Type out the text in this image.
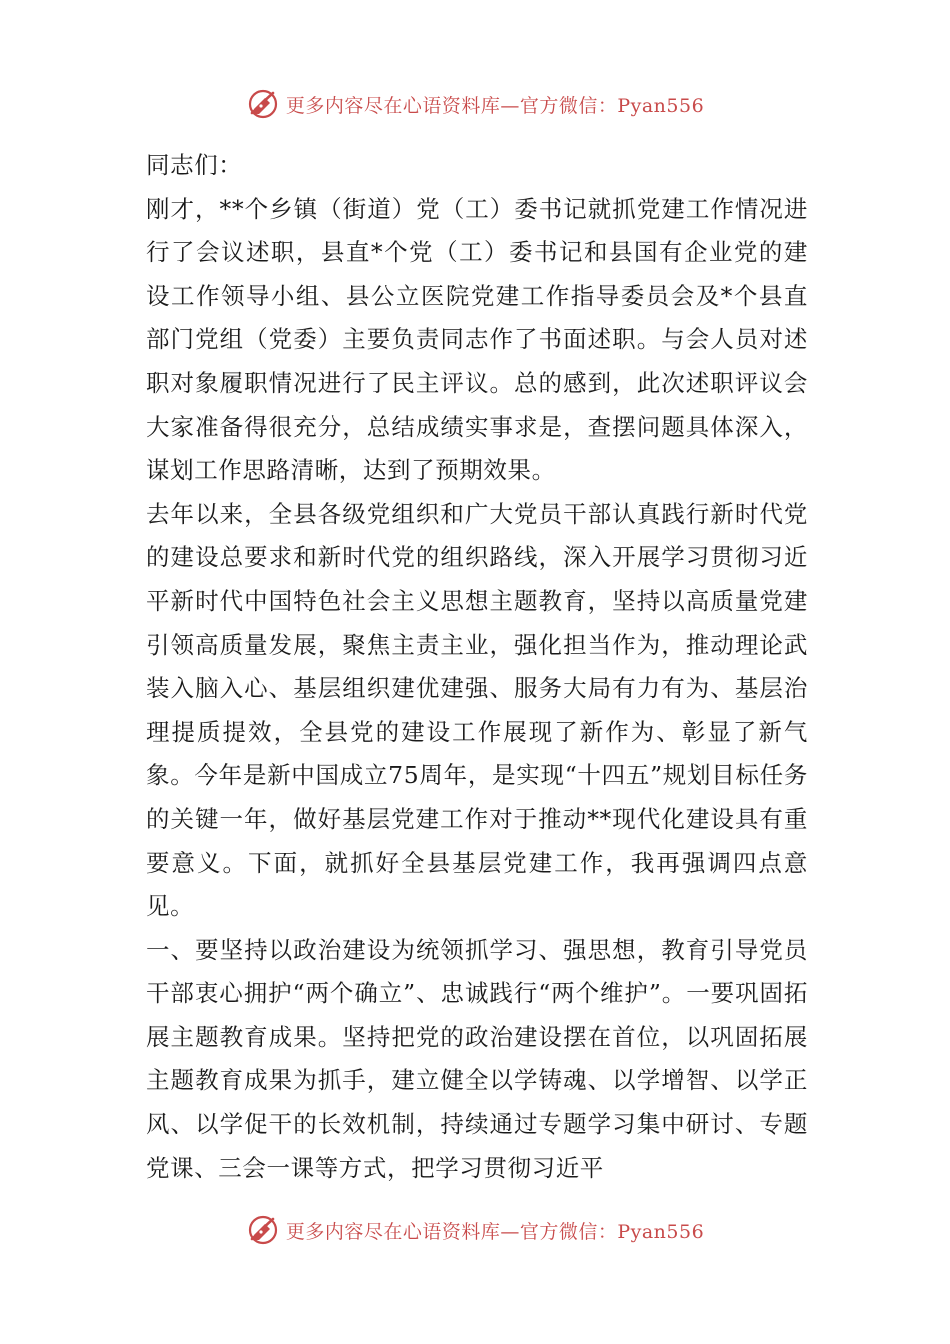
更多内容尽在心语资料库—官方微信：Pyan556

同志们：

刚才，**个乡镇（街道）党（工）委书记就抓党建工作情况进行了会议述职，县直*个党（工）委书记和县国有企业党的建设工作领导小组、县公立医院党建工作指导委员会及*个县直部门党组（党委）主要负责同志作了书面述职。与会人员对述职对象履职情况进行了民主评议。总的感到，此次述职评议会大家准备得很充分，总结成绩实事求是，查摆问题具体深入，谋划工作思路清晰，达到了预期效果。

去年以来，全县各级党组织和广大党员干部认真践行新时代党的建设总要求和新时代党的组织路线，深入开展学习贯彻习近平新时代中国特色社会主义思想主题教育，坚持以高质量党建引领高质量发展，聚焦主责主业，强化担当作为，推动理论武装入脑入心、基层组织建优建强、服务大局有力有为、基层治理提质提效，全县党的建设工作展现了新作为、彰显了新气象。今年是新中国成立75周年，是实现“十四五”规划目标任务的关键一年，做好基层党建工作对于推动**现代化建设具有重要意义。下面，就抓好全县基层党建工作，我再强调四点意见。

一、要坚持以政治建设为统领抓学习、强思想，教育引导党员干部衷心拥护“两个确立”、忠诚践行“两个维护”。一要巩固拓展主题教育成果。坚持把党的政治建设摆在首位，以巩固拓展主题教育成果为抓手，建立健全以学铸魂、以学增智、以学正风、以学促干的长效机制，持续通过专题学习集中研讨、专题党课、三会一课等方式，把学习贯彻习近平

更多内容尽在心语资料库—官方微信：Pyan556
